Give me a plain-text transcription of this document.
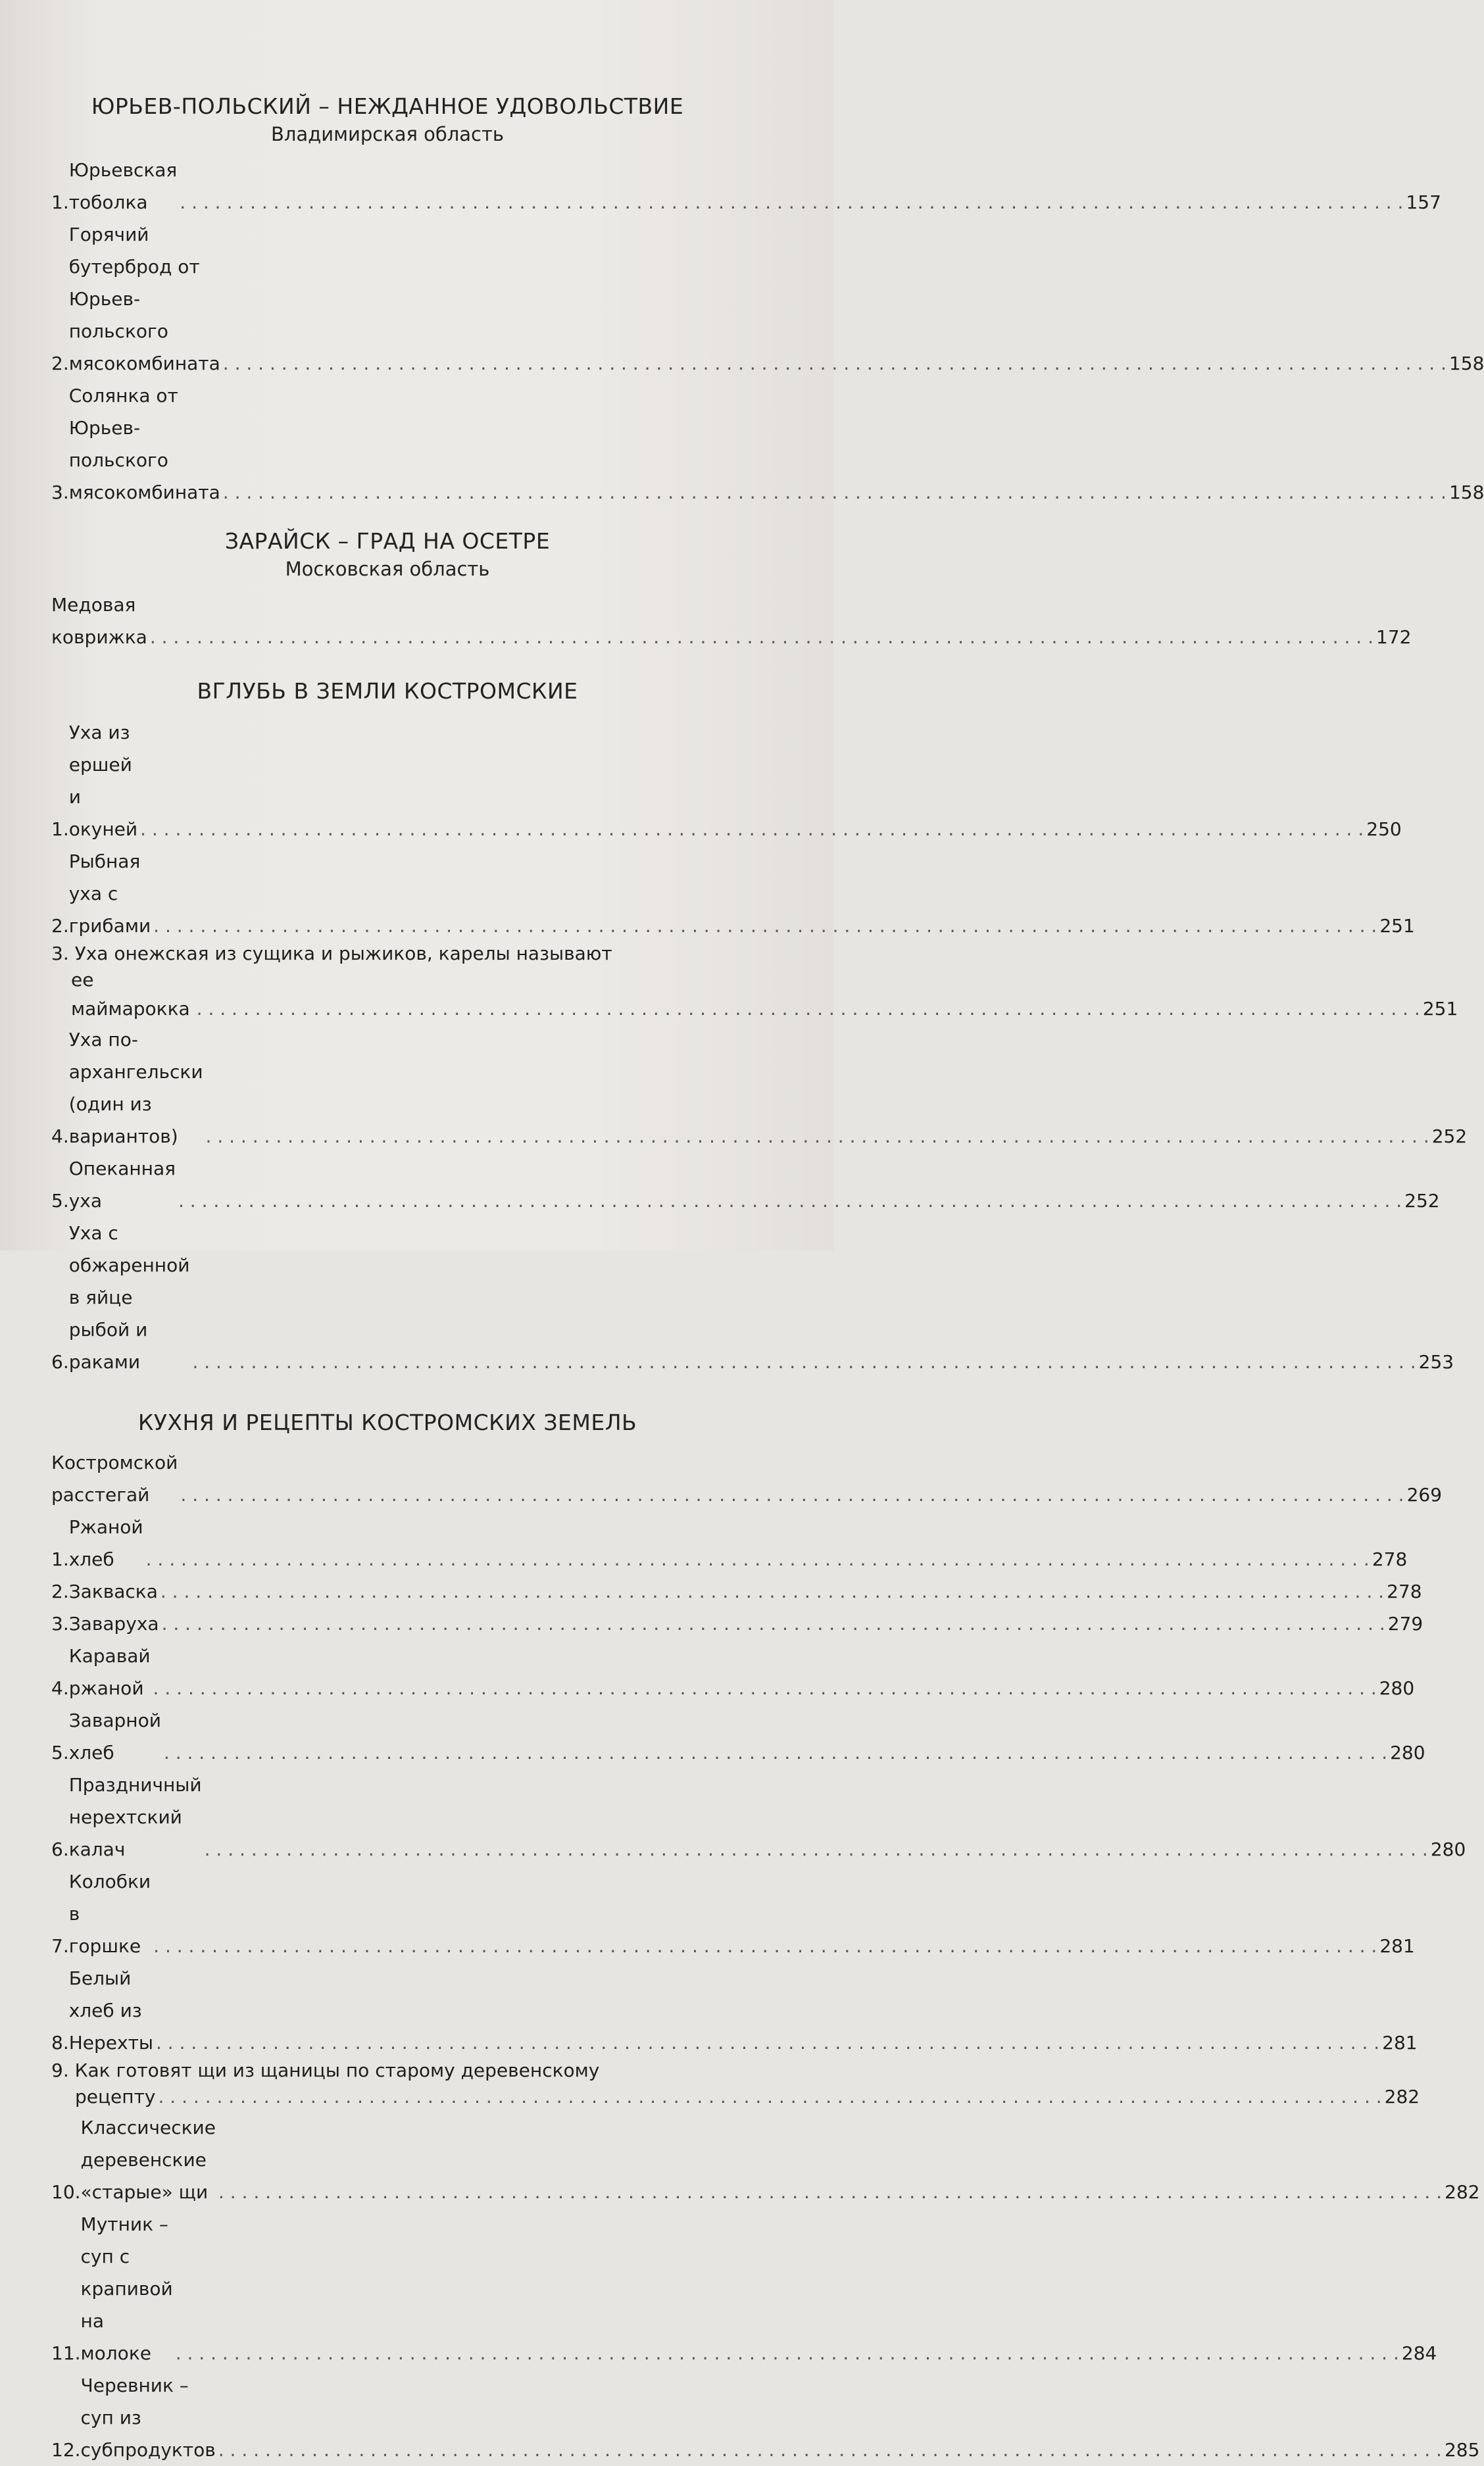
ЮРЬЕВ-ПОЛЬСКИЙ – НЕЖДАННОЕ УДОВОЛЬСТВИЕ
Владимирская область
1.
Юрьевская тоболка . . .	157
2.
Горячий бутерброд от Юрьев-польского мясокомбината . . .	158
3.
Солянка от Юрьев-польского мясокомбината . . .	158
ЗАРАЙСК – ГРАД НА ОСЕТРЕ
Московская область
Медовая коврижка . . .	172
ВГЛУБЬ В ЗЕМЛИ КОСТРОМСКИЕ
1.
Уха из ершей и окуней . . .	250
2.
Рыбная уха с грибами . . .	251
3. Уха онежская из сущика и рыжиков, карелы называют
ее маймарокка . . .	251
4.
Уха по-архангельски (один из вариантов) . . .	252
5.
Опеканная уха . . .	252
6.
Уха с обжаренной в яйце рыбой и раками . . .	253
КУХНЯ И РЕЦЕПТЫ КОСТРОМСКИХ ЗЕМЕЛЬ
Костромской расстегай . . .	269
1.
Ржаной хлеб . . .	278
2. Закваска . . .	278
3. Заваруха . . .	279
4.
Каравай ржаной . . .	280
5.
Заварной хлеб . . .	280
6.
Праздничный нерехтский калач . . .	280
7.
Колобки в горшке . . .	281
8.
Белый хлеб из Нерехты . . .	281
9. Как готовят щи из щаницы по старому деревенскому
рецепту . . .	282
10.
Классические деревенские «старые» щи . . .	282
11.
Мутник – суп с крапивой на молоке . . .	284
12.
Черевник – суп из субпродуктов . . .	285
